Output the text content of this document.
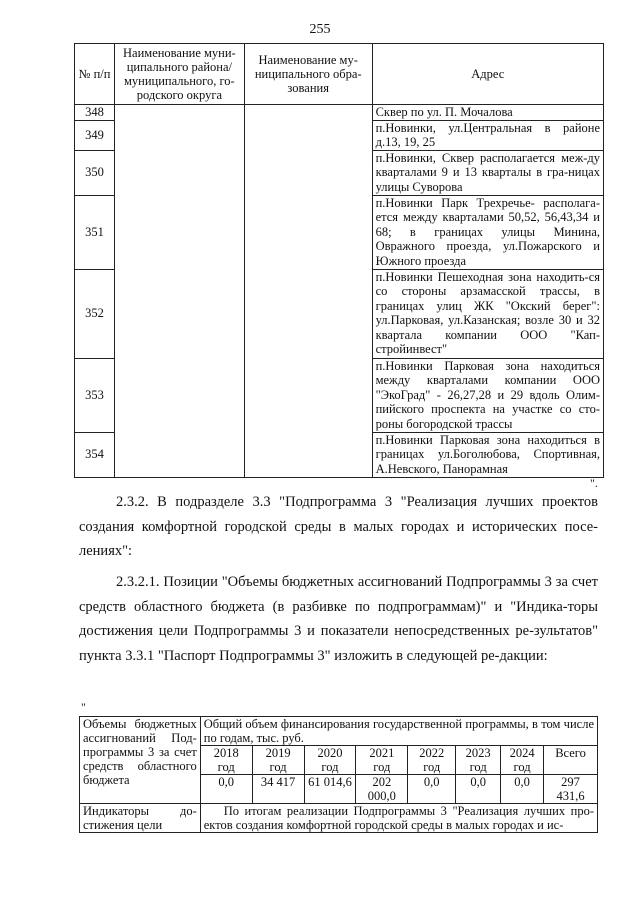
255
№ п/п	Наименование муни-ципального района/ муниципального, го-родского округа	Наименование му-ниципального обра-зования	Адрес
348			Сквер по ул. П. Мочалова
349			п.Новинки, ул.Центральная в районе д.13, 19, 25
350			п.Новинки, Сквер располагается меж-ду кварталами 9 и 13 кварталы в гра-ницах улицы Суворова
351			п.Новинки Парк Трехречье- располага-ется между кварталами 50,52, 56,43,34 и 68; в границах улицы Минина, Овражного проезда, ул.Пожарского и Южного проезда
352			п.Новинки Пешеходная зона находить-ся со стороны арзамасской трассы, в границах улиц ЖК "Окский берег": ул.Парковая, ул.Казанская; возле 30 и 32 квартала компании ООО "Кап-стройинвест"
353			п.Новинки Парковая зона находиться между кварталами компании ООО "ЭкоГрад" - 26,27,28 и 29 вдоль Олим-пийского проспекта на участке со сто-роны богородской трассы
354			п.Новинки Парковая зона находиться в границах ул.Боголюбова, Спортивная, А.Невского, Панорамная
".
2.3.2. В подразделе 3.3 "Подпрограмма 3 "Реализация лучших проектов создания комфортной городской среды в малых городах и исторических посе-лениях":
2.3.2.1. Позиции "Объемы бюджетных ассигнований Подпрограммы 3 за счет средств областного бюджета (в разбивке по подпрограммам)" и "Индика-торы достижения цели Подпрограммы 3 и показатели непосредственных ре-зультатов" пункта 3.3.1 "Паспорт Подпрограммы 3" изложить в следующей ре-дакции:
"
Объемы бюджетных ассигнований Под-программы 3 за счет средств областного бюджета	Общий объем финансирования государственной программы, в том числе по годам, тыс. руб.							
	2018 год	2019 год	2020 год	2021 год	2022 год	2023 год	2024 год	Всего
	0,0	34 417	61 014,6	202 000,0	0,0	0,0	0,0	297 431,6
Индикаторы до-стижения цели	По итогам реализации Подпрограммы 3 "Реализация лучших про-ектов создания комфортной городской среды в малых городах и ис-							
